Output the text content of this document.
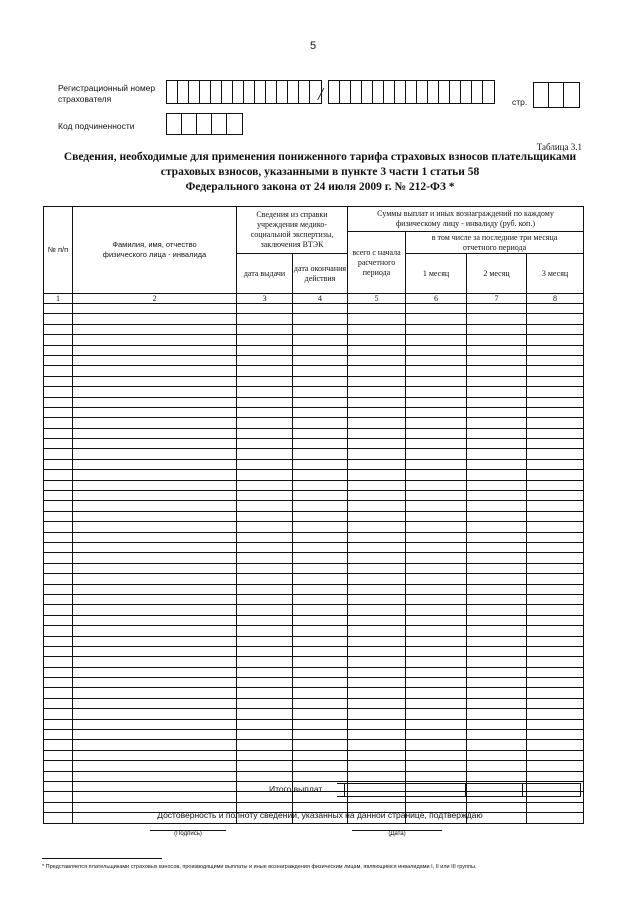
5
Регистрационный номер
страхователя	/	стр.
Код подчиненности
Таблица 3.1
Сведения, необходимые для применения пониженного тарифа страховых взносов плательщиками
страховых взносов, указанными в пункте 3 части 1 статьи 58
Федерального закона от 24 июля 2009 г. № 212-ФЗ *
№ п/п	Фамилия, имя, отчество физического лица - инвалида	Сведения из справки учреждения медико-социальной экспертизы, заключения ВТЭК		Суммы выплат и иных вознаграждений по каждому физическому лицу - инвалиду (руб. коп.)			
				всего с начала расчетного периода	в том числе за последние три месяца отчетного периода		
		дата выдачи	дата окончания действия		1 месяц	2 месяц	3 месяц
1	2	3	4	5	6	7	8

Итого выплат

Достоверность и полноту сведений, указанных на данной странице, подтверждаю
(Подпись)	(Дата)
* Представляется плательщиками страховых взносов, производящими выплаты и иные вознаграждения физическим лицам, являющимся инвалидами I, II или III группы.
